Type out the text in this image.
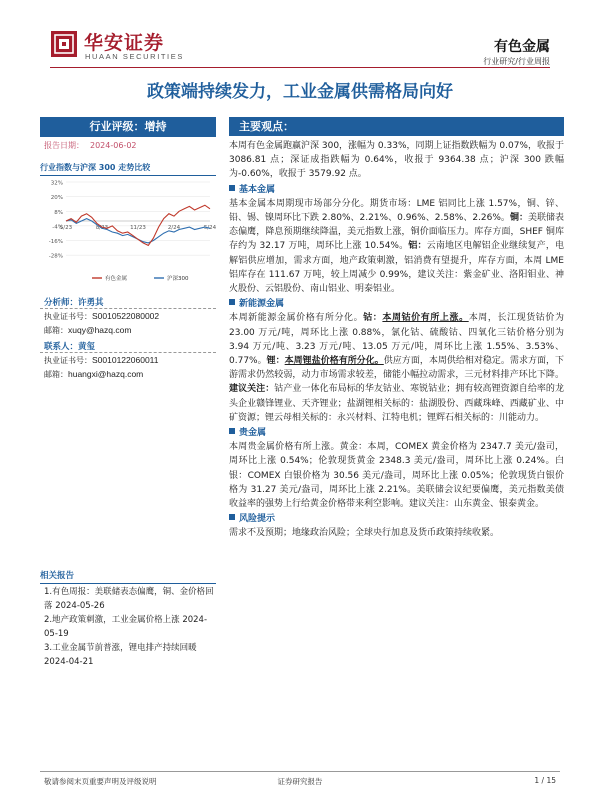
华安证券
HUAAN SECURITIES
有色金属
行业研究/行业周报
政策端持续发力，工业金属供需格局向好
行业评级：增持
报告日期： 2024-06-02
行业指数与沪深 300 走势比较
32%
20%
8%
-4%
-16%
-28%
5/23	8/23	11/23	2/24	5/24
有色金属	沪深300
分析师：许勇其
执业证书号：S0010522080002
邮箱：xuqy@hazq.com
联系人：黄玺
执业证书号：S0010122060011
邮箱：huangxi@hazq.com
相关报告
1.有色周报：美联储表态偏鹰，铜、金价格回落 2024-05-26
2.地产政策刺激，工业金属价格上涨 2024-05-19
3.工业金属节前普涨，锂电排产持续回暖 2024-04-21
主要观点：

本周有色金属跑赢沪深 300，涨幅为 0.33%，同期上证指数跌幅为 0.07%，收报于 3086.81 点；深证成指跌幅为 0.64%，收报于 9364.38 点；沪深 300 跌幅为-0.60%，收报于 3579.92 点。

基本金属

基本金属本周期现市场部分分化。期货市场：LME 铝同比上涨 1.57%，铜、锌、铅、锡、镍周环比下跌 2.80%、2.21%、0.96%、2.58%、2.26%。铜：美联储表态偏鹰，降息预期继续降温，美元指数上涨，铜价面临压力。库存方面，SHEF 铜库存约为 32.17 万吨，周环比上涨 10.54%。铝：云南地区电解铝企业继续复产，电解铝供应增加，需求方面，地产政策刺激，铝消费有望提升，库存方面，本周 LME 铝库存在 111.67 万吨，较上周减少 0.99%，建议关注：紫金矿业、洛阳钼业、神火股份、云铝股份、南山铝业、明泰铝业。

新能源金属

本周新能源金属价格有所分化。钴：本周钴价有所上涨。本周，长江现货钴价为 23.00 万元/吨，周环比上涨 0.88%，氯化钴、硫酸钴、四氧化三钴价格分别为 3.94 万元/吨、3.23 万元/吨、13.05 万元/吨，周环比上涨 1.55%、3.53%、0.77%。锂：本周锂盐价格有所分化。供应方面，本周供给相对稳定。需求方面，下游需求仍然较弱，动力市场需求较差，储能小幅拉动需求，三元材料排产环比下降。建议关注：钴产业一体化布局标的华友钴业、寒锐钴业；拥有较高锂资源自给率的龙头企业赣锋锂业、天齐锂业；盐湖锂相关标的：盐湖股份、西藏珠峰、西藏矿业、中矿资源；锂云母相关标的：永兴材料、江特电机；锂辉石相关标的：川能动力。

贵金属

本周贵金属价格有所上涨。黄金：本周，COMEX 黄金价格为 2347.7 美元/盎司，周环比上涨 0.54%；伦敦现货黄金 2348.3 美元/盎司，周环比上涨 0.24%。白银：COMEX 白银价格为 30.56 美元/盎司，周环比上涨 0.05%；伦敦现货白银价格为 31.27 美元/盎司，周环比上涨 2.21%。美联储会议纪要偏鹰，美元指数美债收益率的强势上行给黄金价格带来利空影响。建议关注：山东黄金、银泰黄金。

风险提示

需求不及预期；地缘政治风险；全球央行加息及货币政策持续收紧。

敬请参阅末页重要声明及评级说明	证券研究报告	1 / 15
